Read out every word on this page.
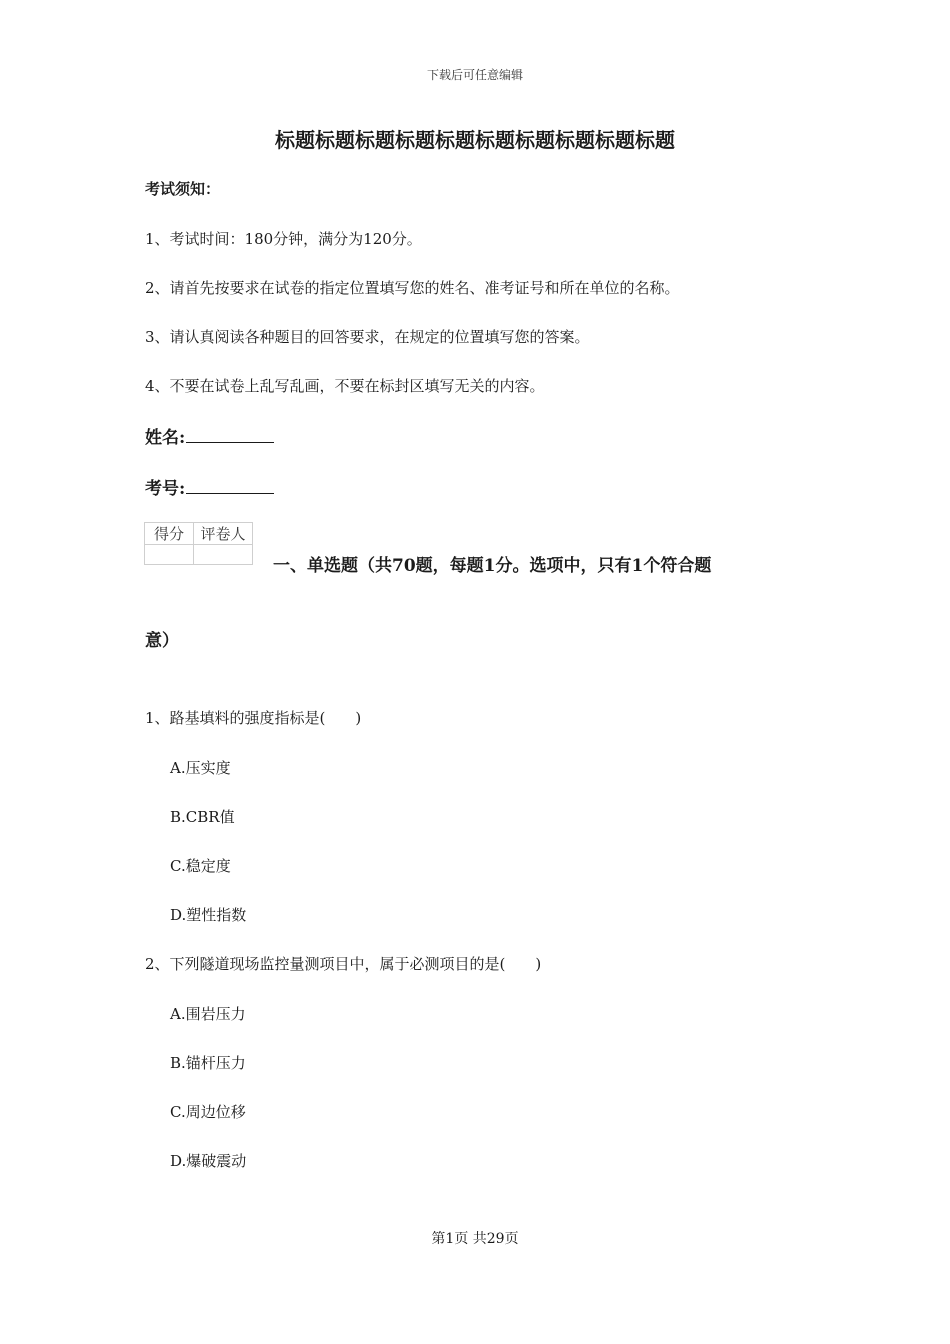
下载后可任意编辑
标题标题标题标题标题标题标题标题标题标题
考试须知：
1、考试时间：180分钟，满分为120分。
2、请首先按要求在试卷的指定位置填写您的姓名、准考证号和所在单位的名称。
3、请认真阅读各种题目的回答要求，在规定的位置填写您的答案。
4、不要在试卷上乱写乱画，不要在标封区填写无关的内容。
姓名:
考号:
得分	评卷人

一、单选题（共70题，每题1分。选项中，只有1个符合题
意）
1、路基填料的强度指标是(　　)
A.压实度
B.CBR值
C.稳定度
D.塑性指数
2、下列隧道现场监控量测项目中，属于必测项目的是(　　)
A.围岩压力
B.锚杆压力
C.周边位移
D.爆破震动
第1页 共29页
